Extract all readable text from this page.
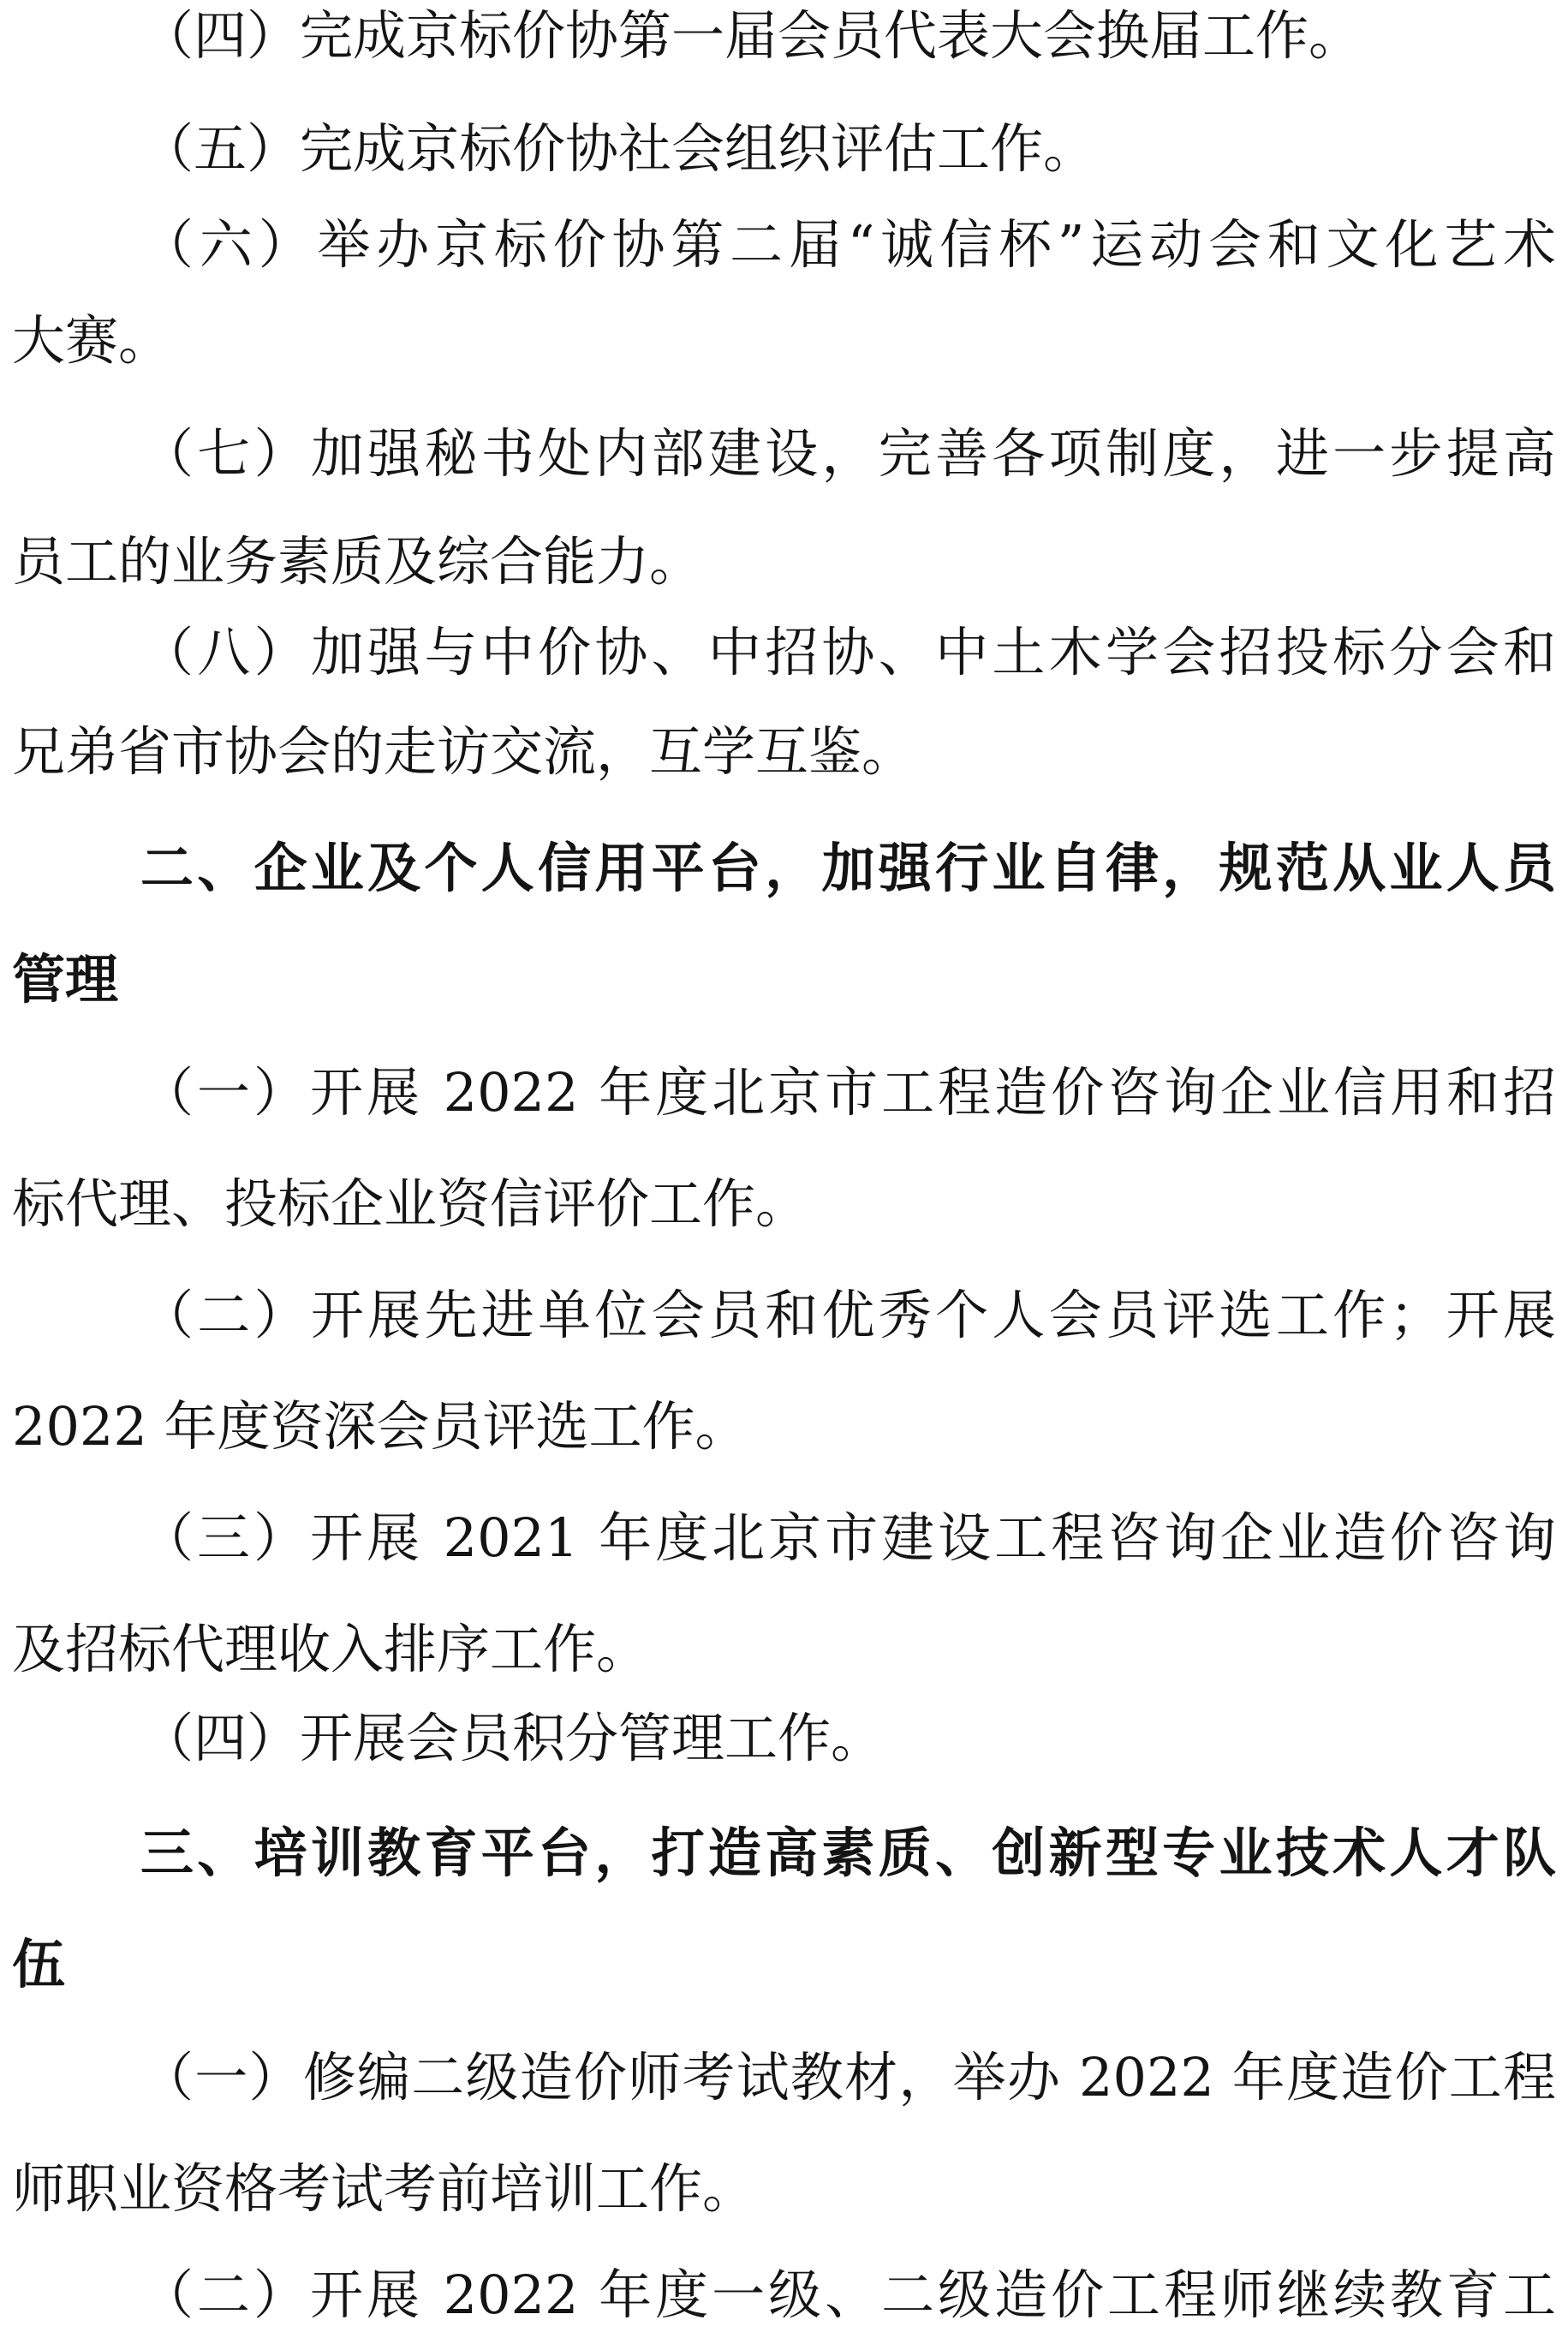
（四）完成京标价协第一届会员代表大会换届工作。

（五）完成京标价协社会组织评估工作。

（六）举办京标价协第二届“诚信杯”运动会和文化艺术

大赛。

（七）加强秘书处内部建设，完善各项制度，进一步提高

员工的业务素质及综合能力。

（八）加强与中价协、中招协、中土木学会招投标分会和

兄弟省市协会的走访交流，互学互鉴。

二、企业及个人信用平台，加强行业自律，规范从业人员

管理

（一）开展 2022 年度北京市工程造价咨询企业信用和招

标代理、投标企业资信评价工作。

（二）开展先进单位会员和优秀个人会员评选工作；开展

2022 年度资深会员评选工作。

（三）开展 2021 年度北京市建设工程咨询企业造价咨询

及招标代理收入排序工作。

（四）开展会员积分管理工作。

三、培训教育平台，打造高素质、创新型专业技术人才队

伍

（一）修编二级造价师考试教材，举办 2022 年度造价工程

师职业资格考试考前培训工作。

（二）开展 2022 年度一级、二级造价工程师继续教育工
